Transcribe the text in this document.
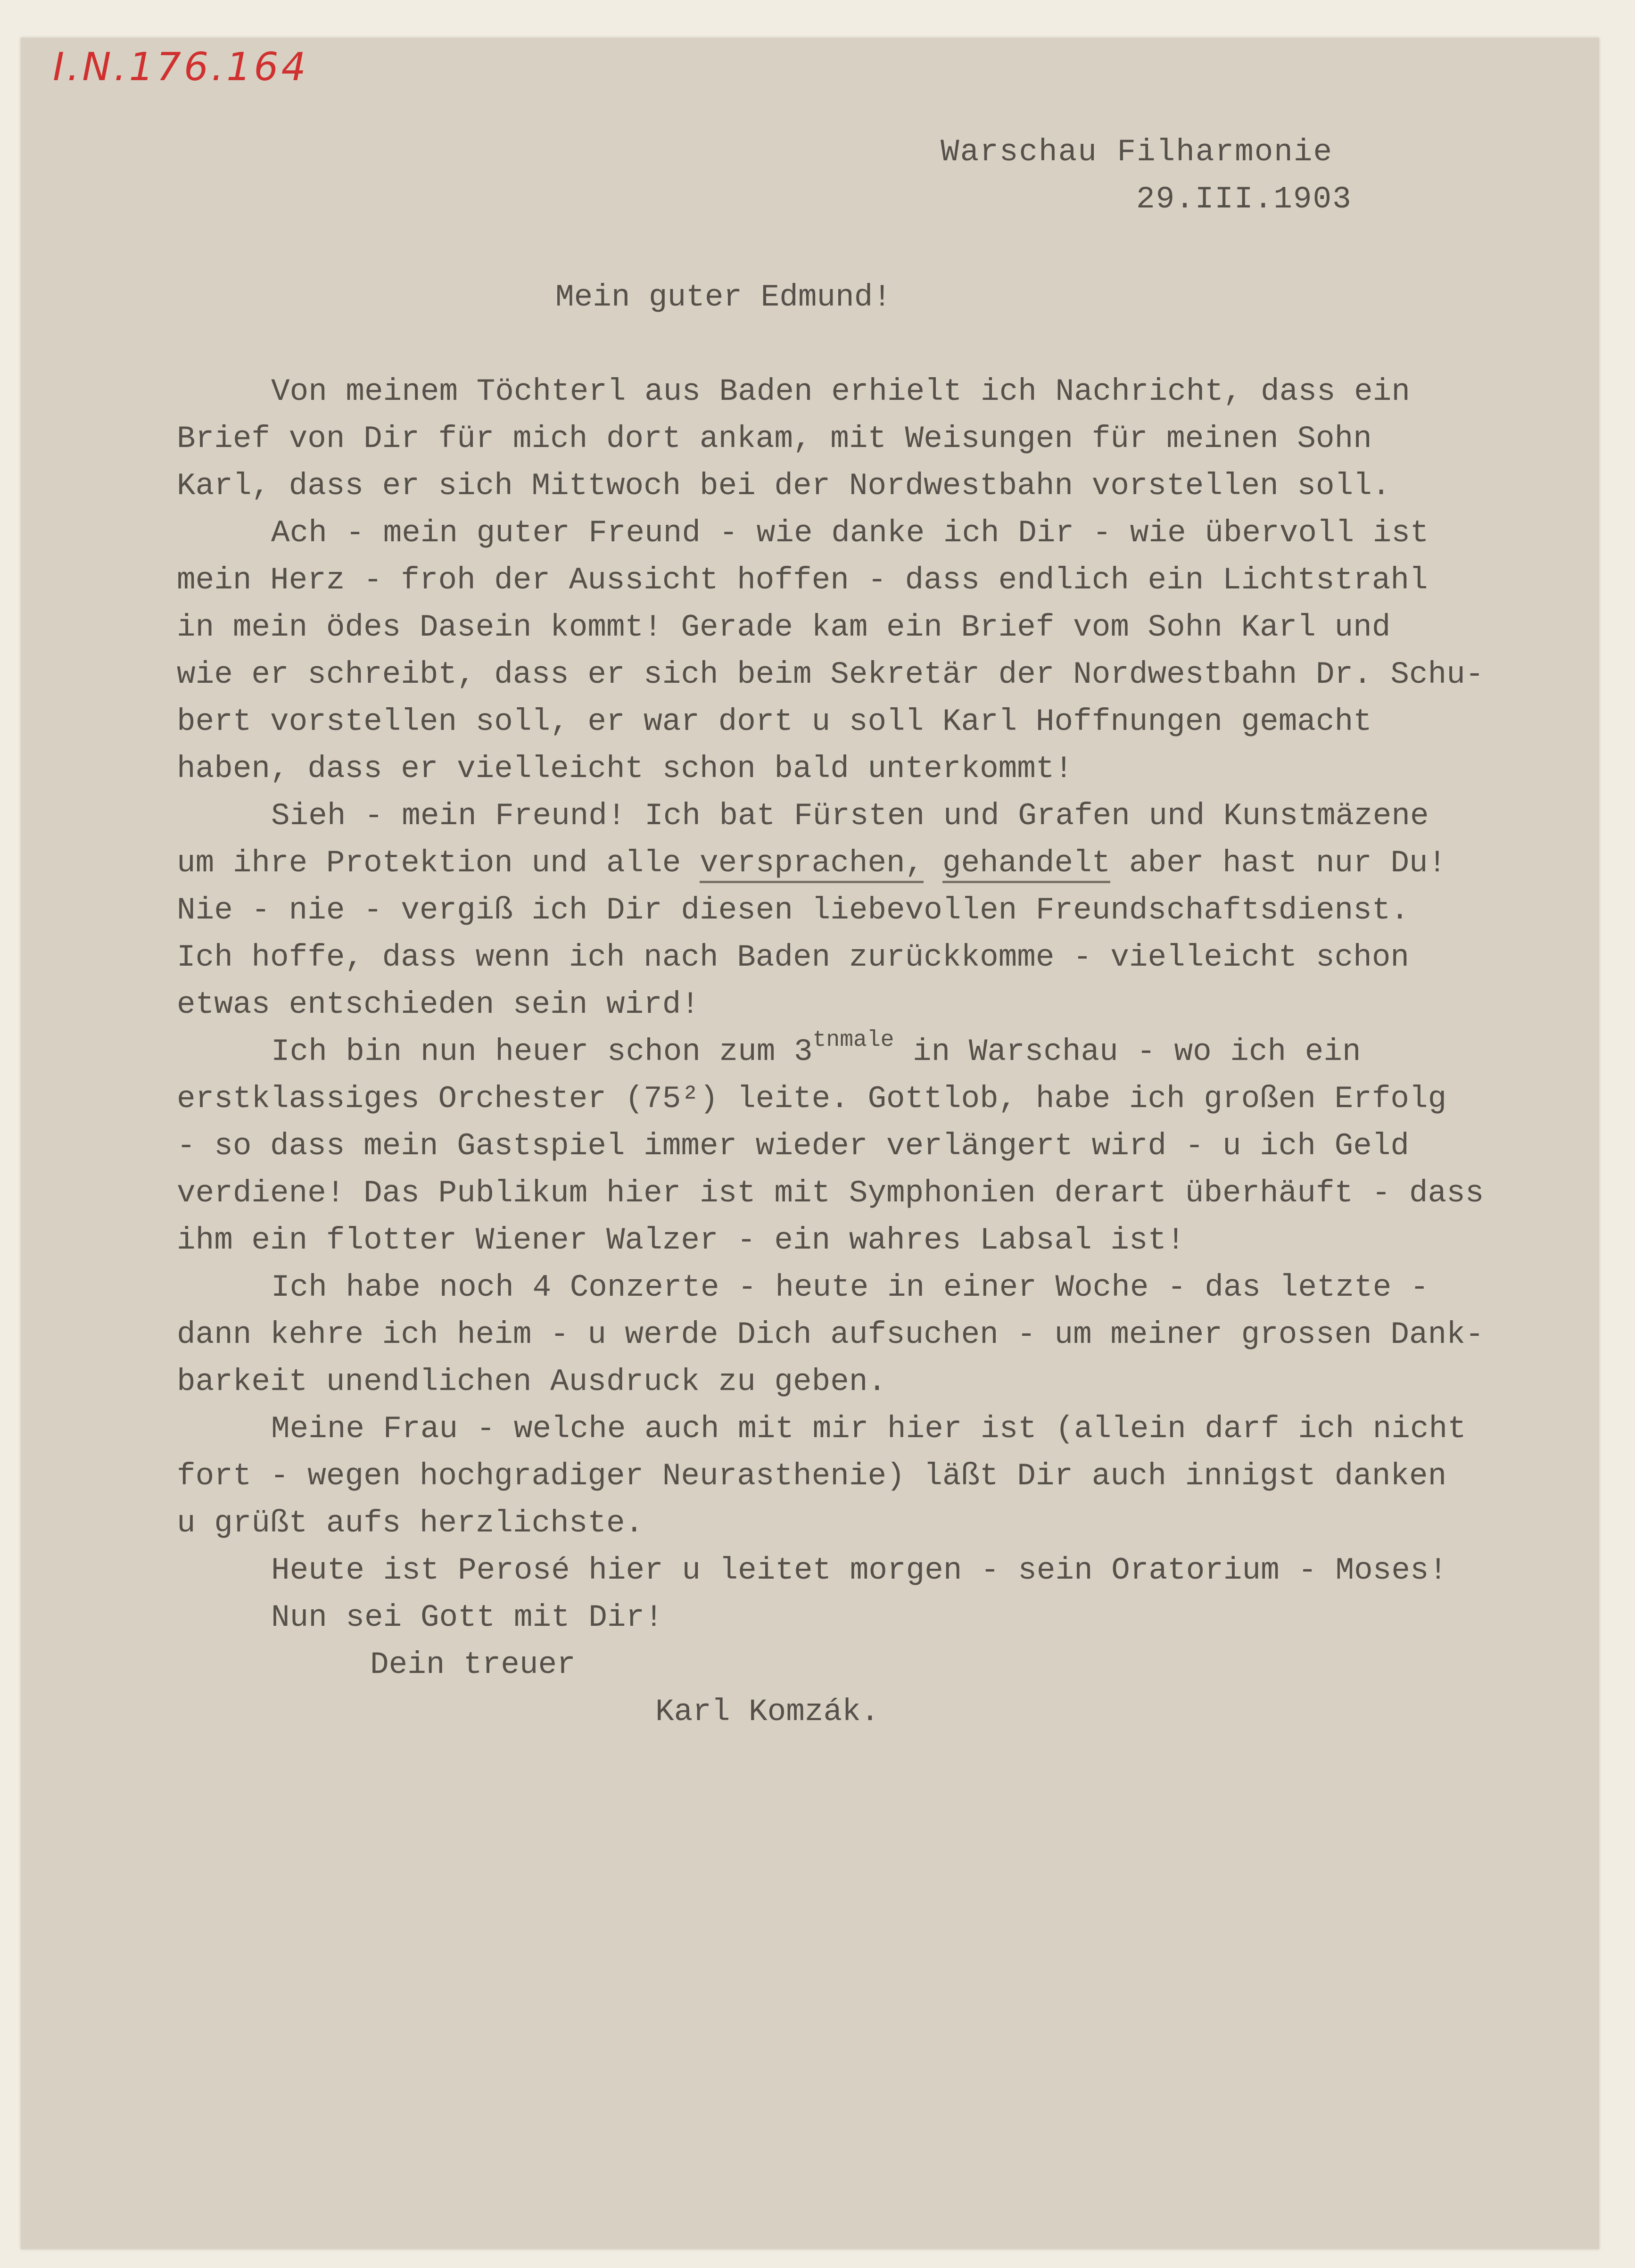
I.N.176.164
Warschau Filharmonie
29.III.1903
Mein guter Edmund!
Von meinem Töchterl aus Baden erhielt ich Nachricht, dass ein
Brief von Dir für mich dort ankam, mit Weisungen für meinen Sohn
Karl, dass er sich Mittwoch bei der Nordwestbahn vorstellen soll.
Ach - mein guter Freund - wie danke ich Dir - wie übervoll ist
mein Herz - froh der Aussicht hoffen - dass endlich ein Lichtstrahl
in mein ödes Dasein kommt! Gerade kam ein Brief vom Sohn Karl und
wie er schreibt, dass er sich beim Sekretär der Nordwestbahn Dr. Schu-
bert vorstellen soll, er war dort u soll Karl Hoffnungen gemacht
haben, dass er vielleicht schon bald unterkommt!
Sieh - mein Freund! Ich bat Fürsten und Grafen und Kunstmäzene
um ihre Protektion und alle versprachen, gehandelt aber hast nur Du!
Nie - nie - vergiß ich Dir diesen liebevollen Freundschaftsdienst.
Ich hoffe, dass wenn ich nach Baden zurückkomme - vielleicht schon
etwas entschieden sein wird!
Ich bin nun heuer schon zum $3^{tnmale}$ in Warschau - wo ich ein
erstklassiges Orchester (75²) leite. Gottlob, habe ich großen Erfolg
- so dass mein Gastspiel immer wieder verlängert wird - u ich Geld
verdiene! Das Publikum hier ist mit Symphonien derart überhäuft - dass
ihm ein flotter Wiener Walzer - ein wahres Labsal ist!
Ich habe noch 4 Conzerte - heute in einer Woche - das letzte -
dann kehre ich heim - u werde Dich aufsuchen - um meiner grossen Dank-
barkeit unendlichen Ausdruck zu geben.
Meine Frau - welche auch mit mir hier ist (allein darf ich nicht
fort - wegen hochgradiger Neurasthenie) läßt Dir auch innigst danken
u grüßt aufs herzlichste.
Heute ist Perosé hier u leitet morgen - sein Oratorium - Moses!
Nun sei Gott mit Dir!
Dein treuer
Karl Komzák.
